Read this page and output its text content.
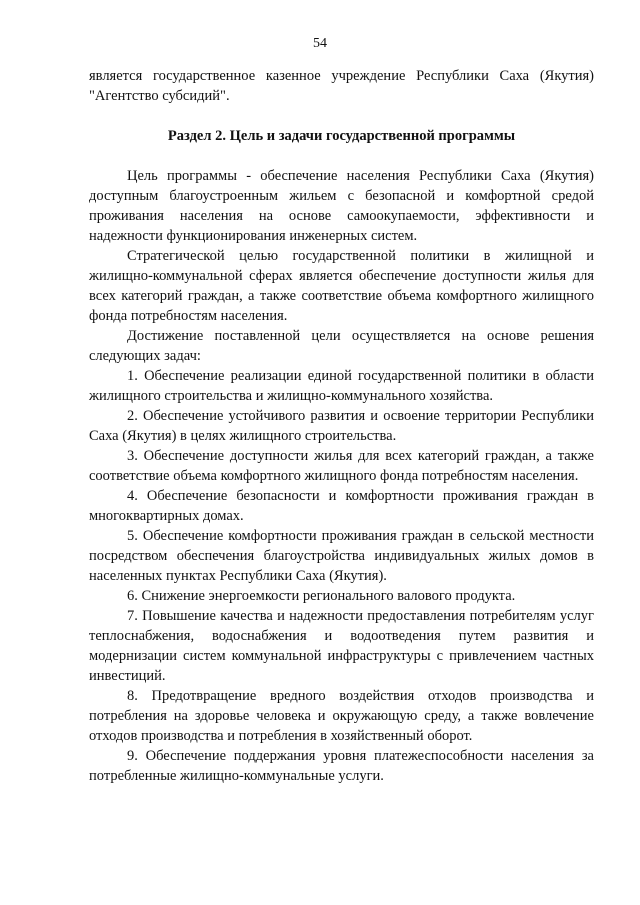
54

является государственное казенное учреждение Республики Саха (Якутия) "Агентство субсидий".

Раздел 2. Цель и задачи государственной программы

Цель программы - обеспечение населения Республики Саха (Якутия) доступным благоустроенным жильем с безопасной и комфортной средой проживания населения на основе самоокупаемости, эффективности и надежности функционирования инженерных систем.

Стратегической целью государственной политики в жилищной и жилищно-коммунальной сферах является обеспечение доступности жилья для всех категорий граждан, а также соответствие объема комфортного жилищного фонда потребностям населения.

Достижение поставленной цели осуществляется на основе решения следующих задач:

1. Обеспечение реализации единой государственной политики в области жилищного строительства и жилищно-коммунального хозяйства.

2. Обеспечение устойчивого развития и освоение территории Республики Саха (Якутия) в целях жилищного строительства.

3. Обеспечение доступности жилья для всех категорий граждан, а также соответствие объема комфортного жилищного фонда потребностям населения.

4. Обеспечение безопасности и комфортности проживания граждан в многоквартирных домах.

5. Обеспечение комфортности проживания граждан в сельской местности посредством обеспечения благоустройства индивидуальных жилых домов в населенных пунктах Республики Саха (Якутия).

6. Снижение энергоемкости регионального валового продукта.

7. Повышение качества и надежности предоставления потребителям услуг теплоснабжения, водоснабжения и водоотведения путем развития и модернизации систем коммунальной инфраструктуры с привлечением частных инвестиций.

8. Предотвращение вредного воздействия отходов производства и потребления на здоровье человека и окружающую среду, а также вовлечение отходов производства и потребления в хозяйственный оборот.

9. Обеспечение поддержания уровня платежеспособности населения за потребленные жилищно-коммунальные услуги.
